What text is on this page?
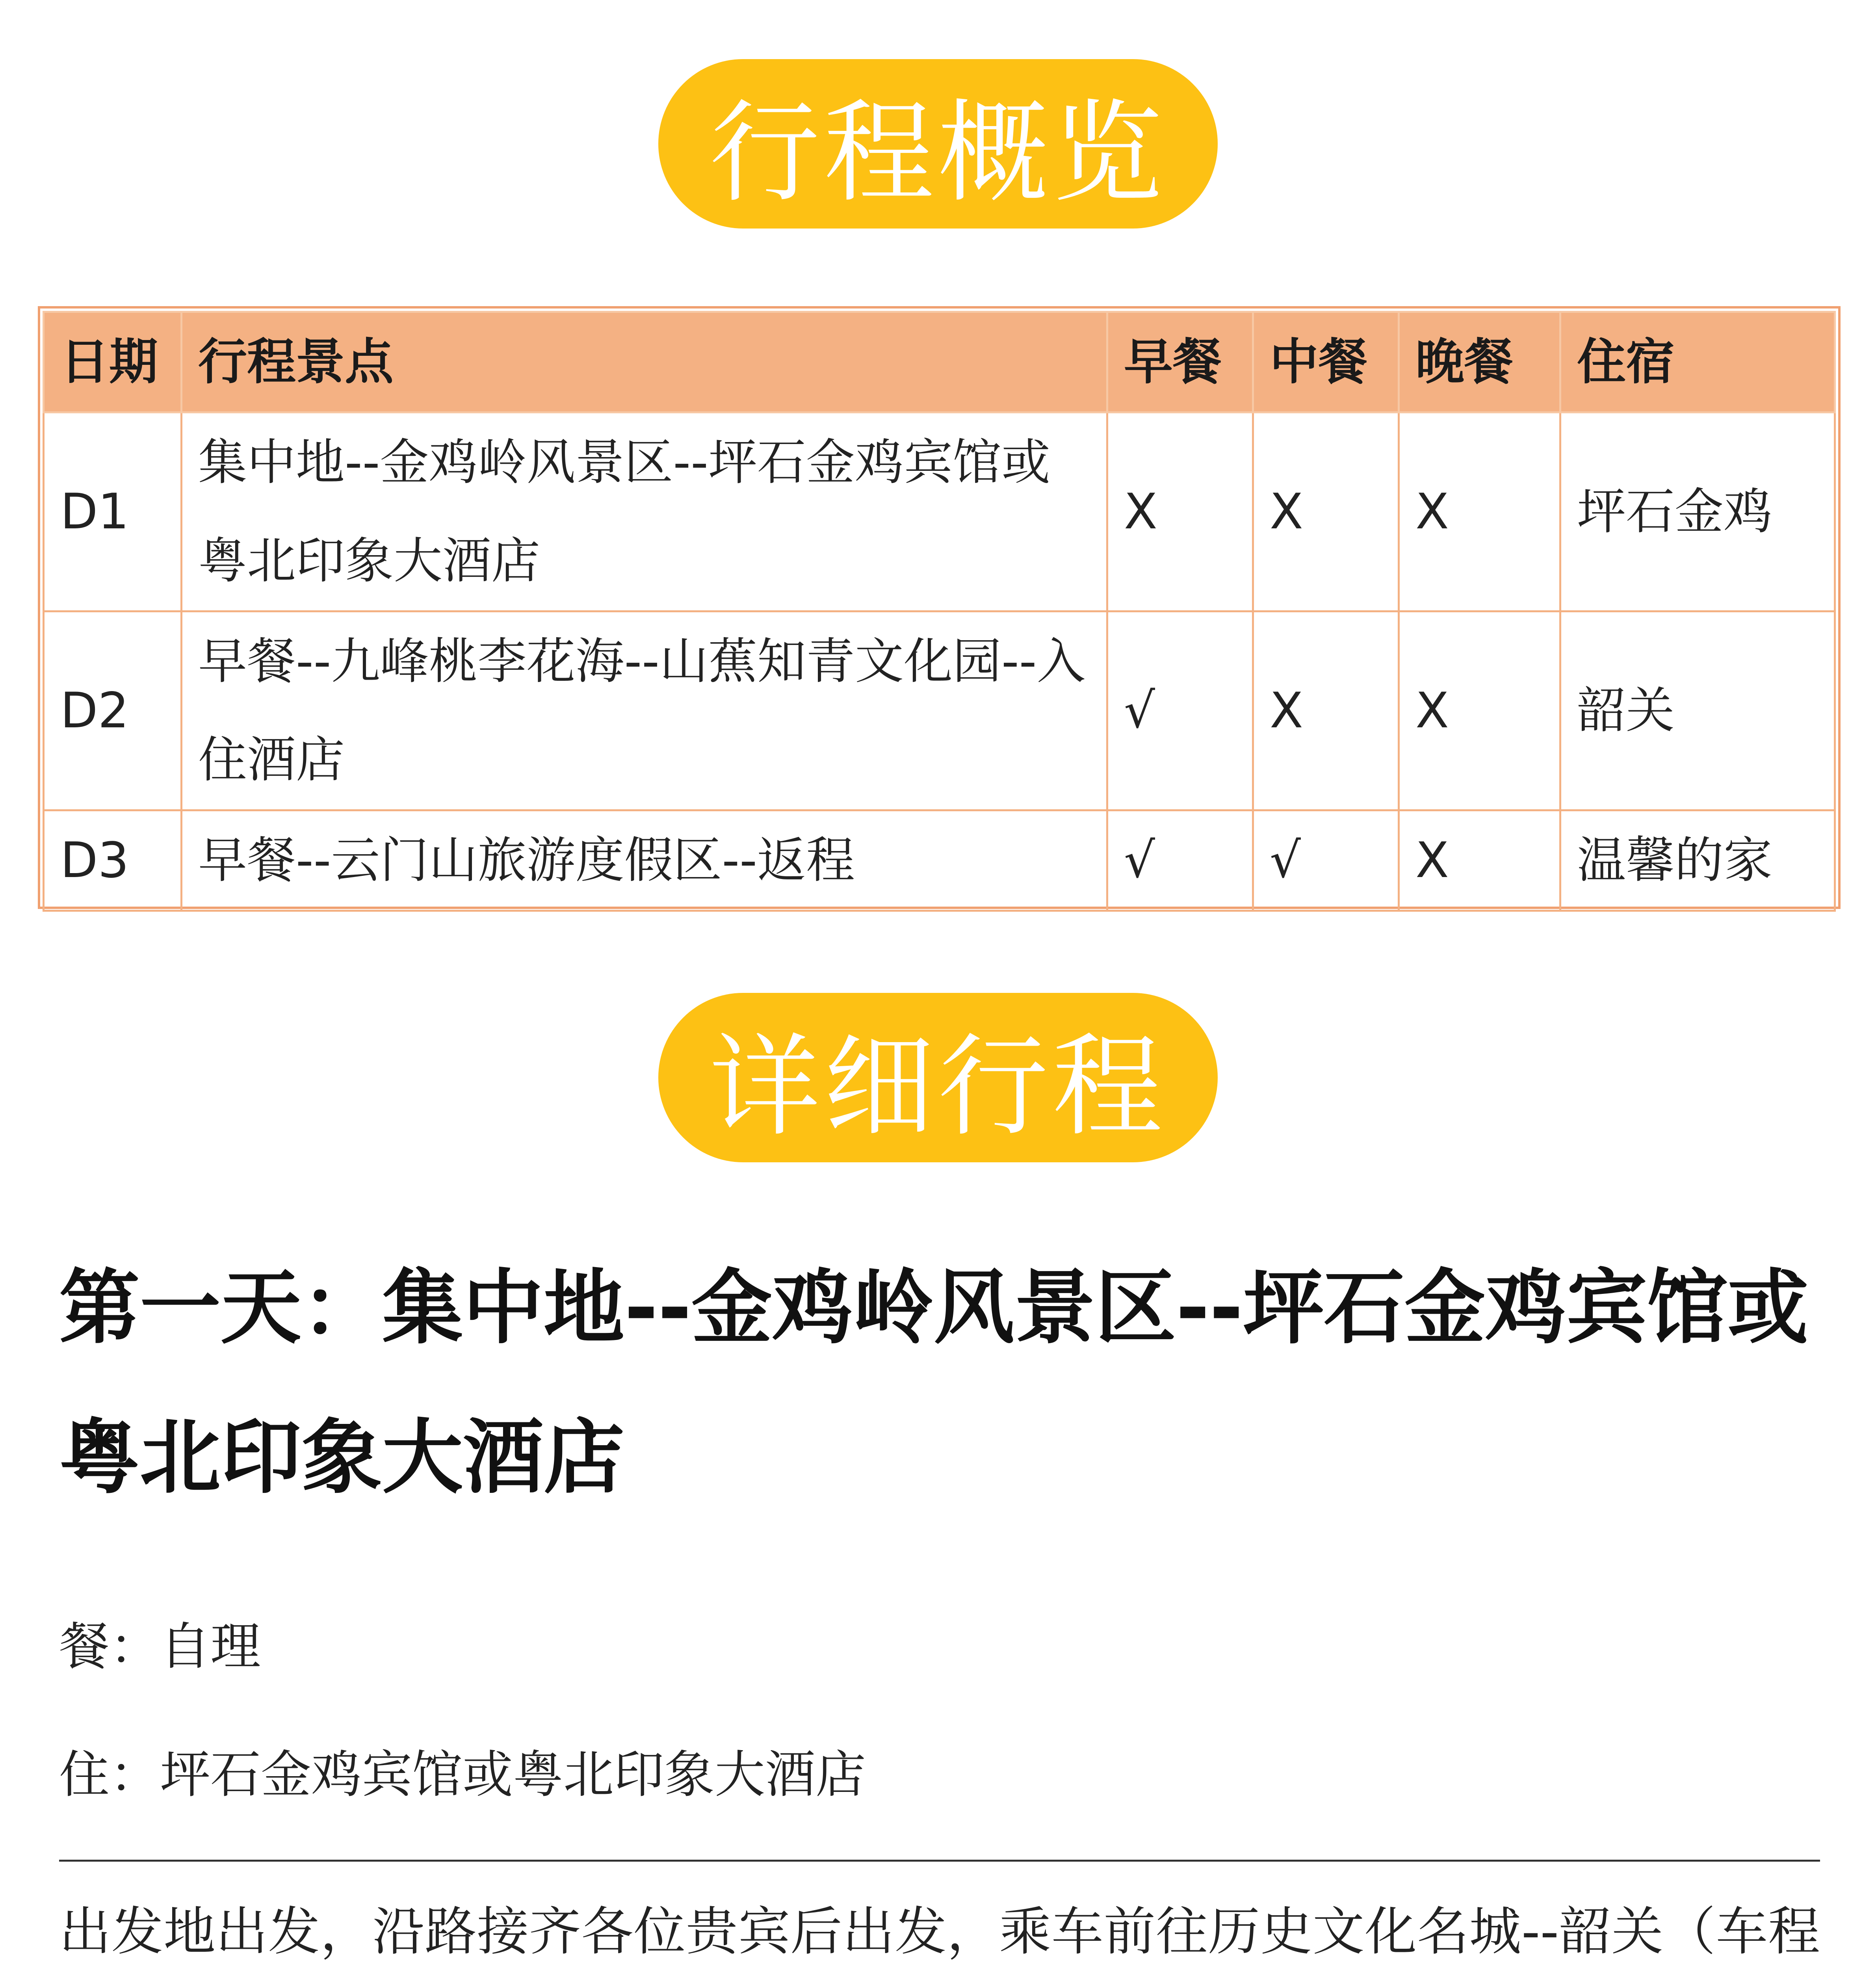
行程概览
日期	行程景点	早餐	中餐	晚餐	住宿
D1	集中地--金鸡岭风景区--坪石金鸡宾馆或粤北印象大酒店	X	X	X	坪石金鸡
D2	早餐--九峰桃李花海--山蕉知青文化园--入住酒店	√	X	X	韶关
D3	早餐--云门山旅游度假区--返程	√	√	X	温馨的家
详细行程
第一天：集中地--金鸡岭风景区--坪石金鸡宾馆或粤北印象大酒店
餐：自理
住：坪石金鸡宾馆或粤北印象大酒店

出发地出发，沿路接齐各位贵宾后出发，乘车前往历史文化名城--韶关（车程
